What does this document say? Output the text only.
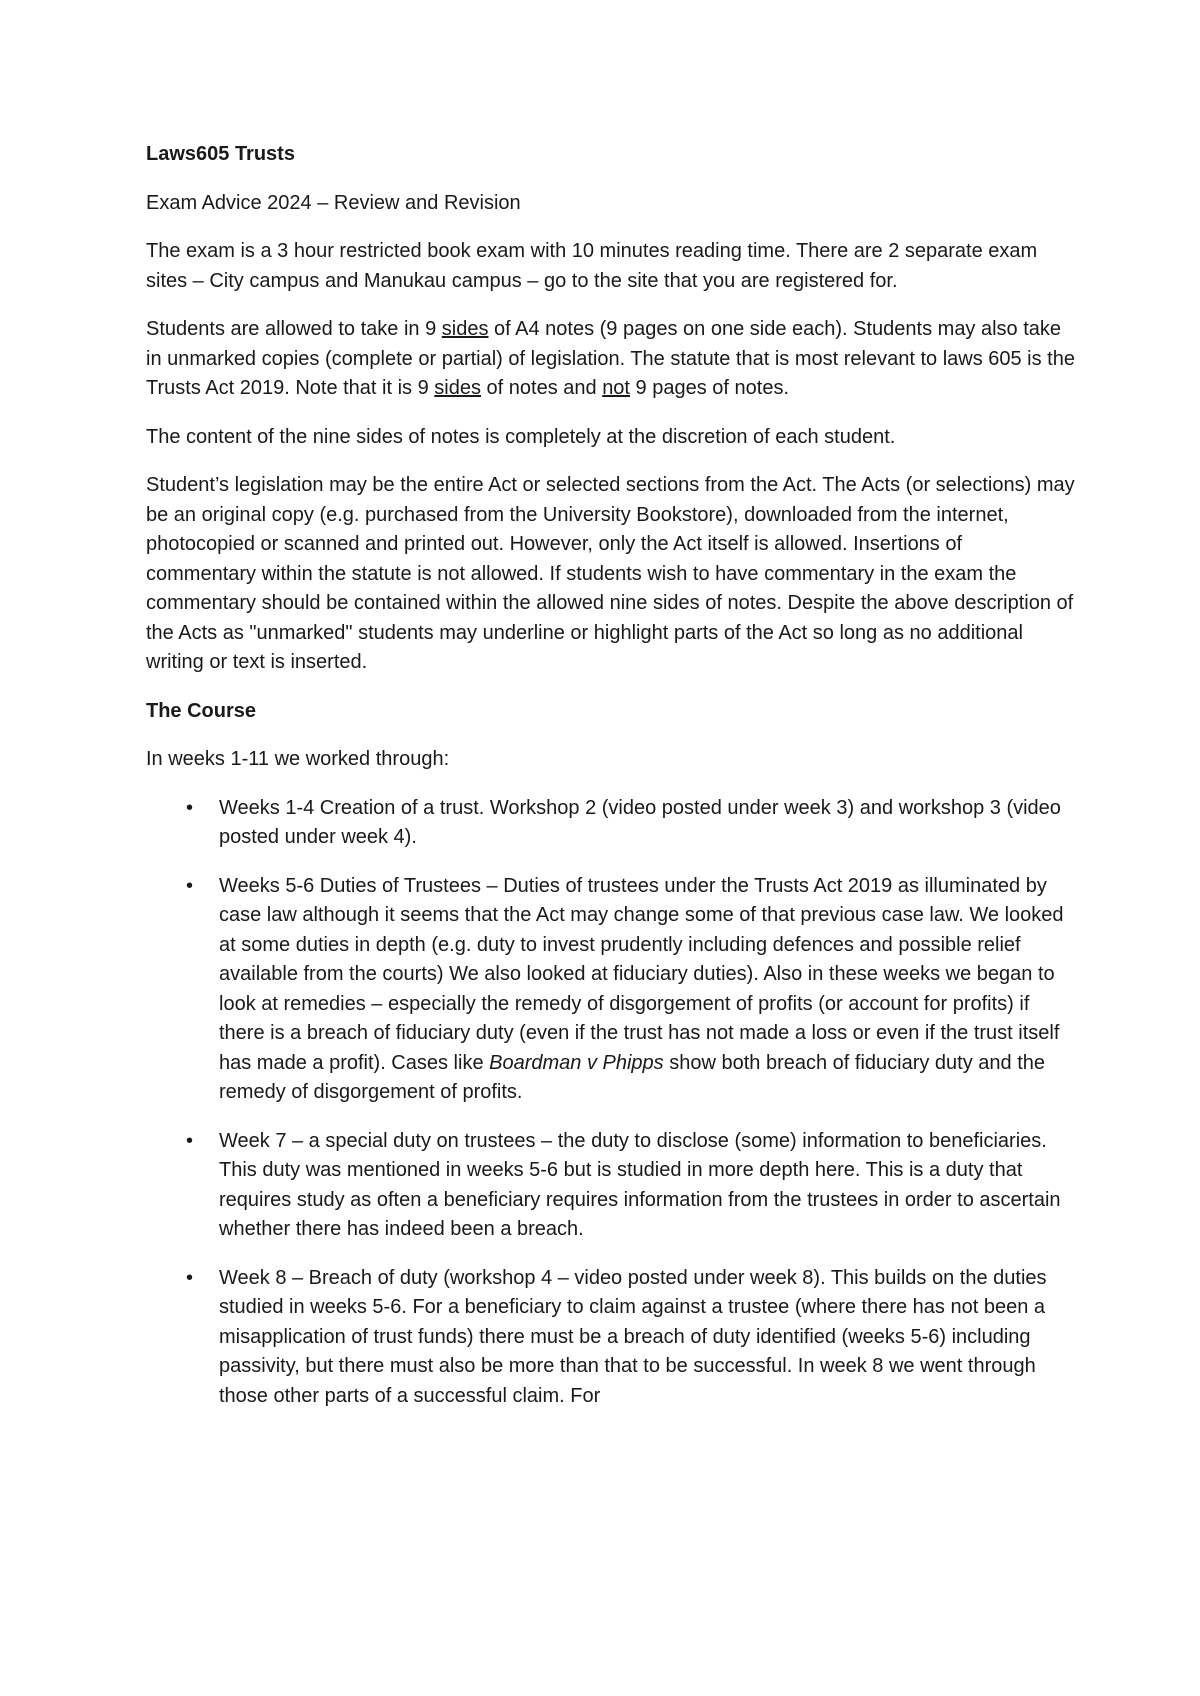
Laws605 Trusts

Exam Advice 2024 – Review and Revision

The exam is a 3 hour restricted book exam with 10 minutes reading time. There are 2 separate exam sites – City campus and Manukau campus – go to the site that you are registered for.

Students are allowed to take in 9 sides of A4 notes (9 pages on one side each). Students may also take in unmarked copies (complete or partial) of legislation. The statute that is most relevant to laws 605 is the Trusts Act 2019. Note that it is 9 sides of notes and not 9 pages of notes.

The content of the nine sides of notes is completely at the discretion of each student.

Student’s legislation may be the entire Act or selected sections from the Act. The Acts (or selections) may be an original copy (e.g. purchased from the University Bookstore), downloaded from the internet, photocopied or scanned and printed out. However, only the Act itself is allowed. Insertions of commentary within the statute is not allowed. If students wish to have commentary in the exam the commentary should be contained within the allowed nine sides of notes. Despite the above description of the Acts as "unmarked" students may underline or highlight parts of the Act so long as no additional writing or text is inserted.

The Course

In weeks 1-11 we worked through:

• Weeks 1-4 Creation of a trust. Workshop 2 (video posted under week 3) and workshop 3 (video posted under week 4).
• Weeks 5-6 Duties of Trustees – Duties of trustees under the Trusts Act 2019 as illuminated by case law although it seems that the Act may change some of that previous case law. We looked at some duties in depth (e.g. duty to invest prudently including defences and possible relief available from the courts) We also looked at fiduciary duties). Also in these weeks we began to look at remedies – especially the remedy of disgorgement of profits (or account for profits) if there is a breach of fiduciary duty (even if the trust has not made a loss or even if the trust itself has made a profit). Cases like Boardman v Phipps show both breach of fiduciary duty and the remedy of disgorgement of profits.
• Week 7 – a special duty on trustees – the duty to disclose (some) information to beneficiaries. This duty was mentioned in weeks 5-6 but is studied in more depth here. This is a duty that requires study as often a beneficiary requires information from the trustees in order to ascertain whether there has indeed been a breach.
• Week 8 – Breach of duty (workshop 4 – video posted under week 8). This builds on the duties studied in weeks 5-6. For a beneficiary to claim against a trustee (where there has not been a misapplication of trust funds) there must be a breach of duty identified (weeks 5-6) including passivity, but there must also be more than that to be successful. In week 8 we went through those other parts of a successful claim. For
